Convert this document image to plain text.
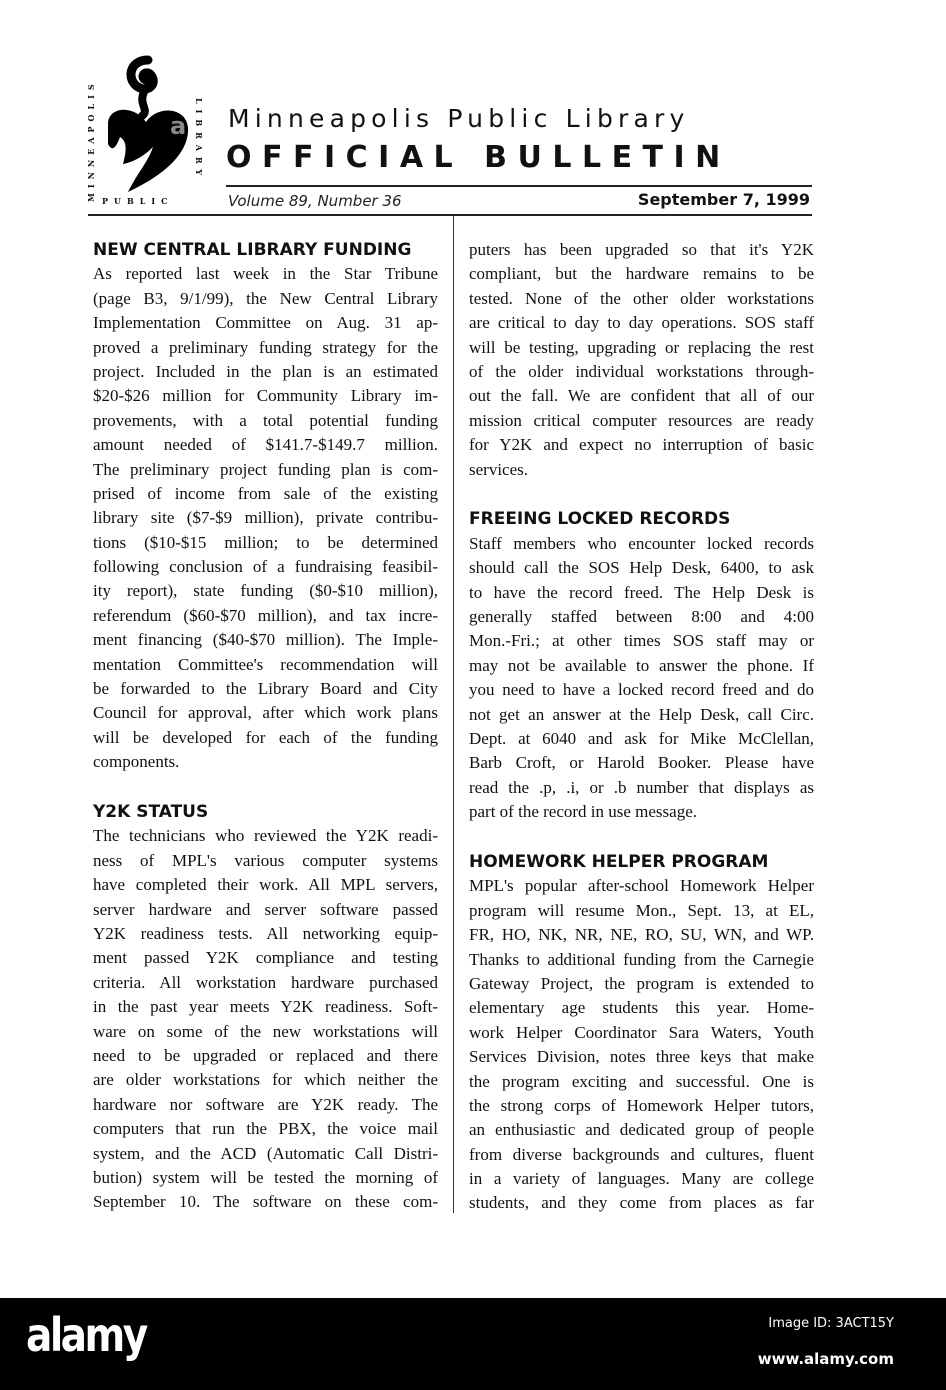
a
MINNEAPOLIS	LIBRARY
PUBLIC
Minneapolis Public Library
OFFICIAL BULLETIN
Volume 89, Number 36	September 7, 1999
NEW CENTRAL LIBRARY FUNDING
As reported last week in the Star Tribune
(page B3, 9/1/99), the New Central Library
Implementation Committee on Aug. 31 ap-
proved a preliminary funding strategy for the
project. Included in the plan is an estimated
$20-$26 million for Community Library im-
provements, with a total potential funding
amount needed of $141.7-$149.7 million.
The preliminary project funding plan is com-
prised of income from sale of the existing
library site ($7-$9 million), private contribu-
tions ($10-$15 million; to be determined
following conclusion of a fundraising feasibil-
ity report), state funding ($0-$10 million),
referendum ($60-$70 million), and tax incre-
ment financing ($40-$70 million). The Imple-
mentation Committee's recommendation will
be forwarded to the Library Board and City
Council for approval, after which work plans
will be developed for each of the funding
components.
Y2K STATUS
The technicians who reviewed the Y2K readi-
ness of MPL's various computer systems
have completed their work. All MPL servers,
server hardware and server software passed
Y2K readiness tests. All networking equip-
ment passed Y2K compliance and testing
criteria. All workstation hardware purchased
in the past year meets Y2K readiness. Soft-
ware on some of the new workstations will
need to be upgraded or replaced and there
are older workstations for which neither the
hardware nor software are Y2K ready. The
computers that run the PBX, the voice mail
system, and the ACD (Automatic Call Distri-
bution) system will be tested the morning of
September 10. The software on these com-
puters has been upgraded so that it's Y2K
compliant, but the hardware remains to be
tested. None of the other older workstations
are critical to day to day operations. SOS staff
will be testing, upgrading or replacing the rest
of the older individual workstations through-
out the fall. We are confident that all of our
mission critical computer resources are ready
for Y2K and expect no interruption of basic
services.
FREEING LOCKED RECORDS
Staff members who encounter locked records
should call the SOS Help Desk, 6400, to ask
to have the record freed. The Help Desk is
generally staffed between 8:00 and 4:00
Mon.-Fri.; at other times SOS staff may or
may not be available to answer the phone. If
you need to have a locked record freed and do
not get an answer at the Help Desk, call Circ.
Dept. at 6040 and ask for Mike McClellan,
Barb Croft, or Harold Booker. Please have
read the .p, .i, or .b number that displays as
part of the record in use message.
HOMEWORK HELPER PROGRAM
MPL's popular after-school Homework Helper
program will resume Mon., Sept. 13, at EL,
FR, HO, NK, NR, NE, RO, SU, WN, and WP.
Thanks to additional funding from the Carnegie
Gateway Project, the program is extended to
elementary age students this year. Home-
work Helper Coordinator Sara Waters, Youth
Services Division, notes three keys that make
the program exciting and successful. One is
the strong corps of Homework Helper tutors,
an enthusiastic and dedicated group of people
from diverse backgrounds and cultures, fluent
in a variety of languages. Many are college
students, and they come from places as far
alamy	Image ID: 3ACT15Y
www.alamy.com
